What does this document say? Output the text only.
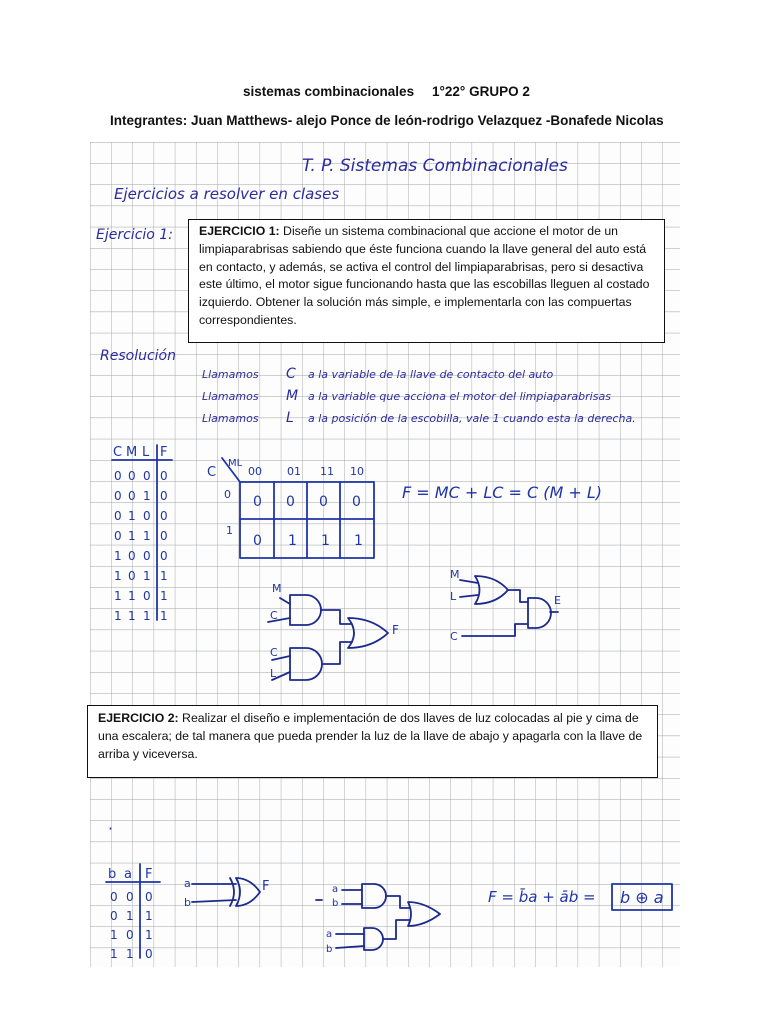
sistemas combinacionales 1°22° GRUPO 2
Integrantes: Juan Matthews- alejo Ponce de león-rodrigo Velazquez -Bonafede Nicolas
T. P. Sistemas Combinacionales
Ejercicios a resolver en clases
Ejercicio 1:
Resolución
Llamamos C a la variable de la llave de contacto del auto
Llamamos M a la variable que acciona el motor del limpiaparabrisas
Llamamos L a la posición de la escobilla, vale 1 cuando esta la derecha.
C M L F
0 0 0 0
0 0 1 0
0 1 0 0
0 1 1 0
1 0 0 0
1 0 1 1
1 1 0 1
1 1 1 1
C
ML
00 01 11 10
0
1
0 0 0 0
0 1 1 1
F = MC + LC = C (M + L)
M
C
C
L
F
M
L
C
E
·
b a F
0 0 0
0 1 1
1 0 1
1 1 0
a
b
F	a
b
a
b
F = b̄a + āb = b ⊕ a
EJERCICIO 1: Diseñe un sistema combinacional que accione el motor de un limpiaparabrisas sabiendo que éste funciona cuando la llave general del auto está en contacto, y además, se activa el control del limpiaparabrisas, pero si desactiva este último, el motor sigue funcionando hasta que las escobillas lleguen al costado izquierdo. Obtener la solución más simple, e implementarla con las compuertas correspondientes.
EJERCICIO 2: Realizar el diseño e implementación de dos llaves de luz colocadas al pie y cima de una escalera; de tal manera que pueda prender la luz de la llave de abajo y apagarla con la llave de arriba y viceversa.
